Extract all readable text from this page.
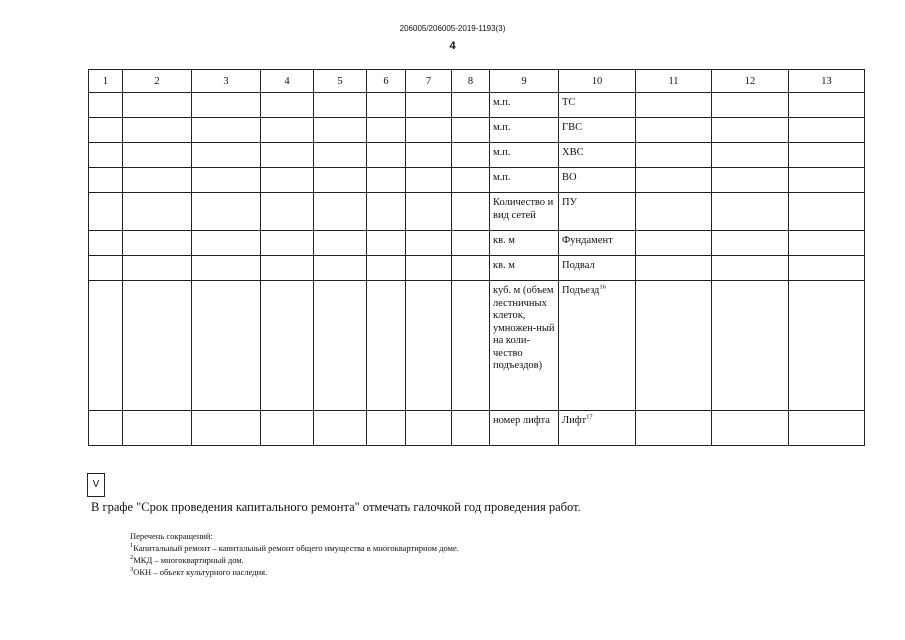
206005/206005-2019-1193(3)
4
1	2	3	4	5	6	7	8	9	10	11	12	13
								м.п.	ТС			
								м.п.	ГВС			
								м.п.	ХВС			
								м.п.	ВО			
								Количество и вид сетей	ПУ			
								кв. м	Фундамент			
								кв. м	Подвал			
								куб. м (объем лестничных клеток, умножен-ный на коли-чество подъездов)	Подъезд$^{16}$			
								номер лифта	Лифт$^{17}$			
V
В графе "Срок проведения капитального ремонта" отмечать галочкой год проведения работ.
Перечень сокращений:
$^1$Капитальный ремонт – капитальный ремонт общего имущества в многоквартирном доме.
$^2$МКД – многоквартирный дом.
$^3$ОКН – объект культурного наследия.
